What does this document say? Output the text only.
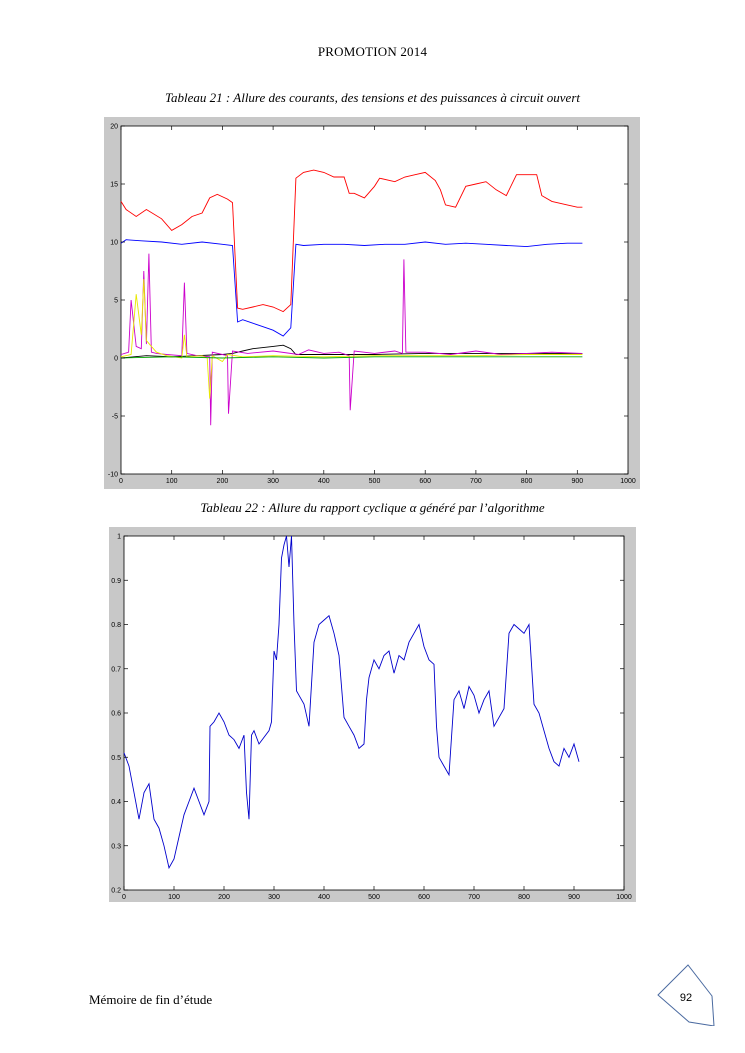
PROMOTION 2014
Tableau 21 : Allure des courants, des tensions et des puissances à circuit ouvert
0	100	200	300	400	500	600	700	800	900	1000
-10
-5
0
5
10
15
20
Tableau 22 : Allure du rapport cyclique α généré par l’algorithme
0	100	200	300	400	500	600	700	800	900	1000
0.2
0.3
0.4
0.5
0.6
0.7
0.8
0.9
1
Mémoire de fin d’étude	92
